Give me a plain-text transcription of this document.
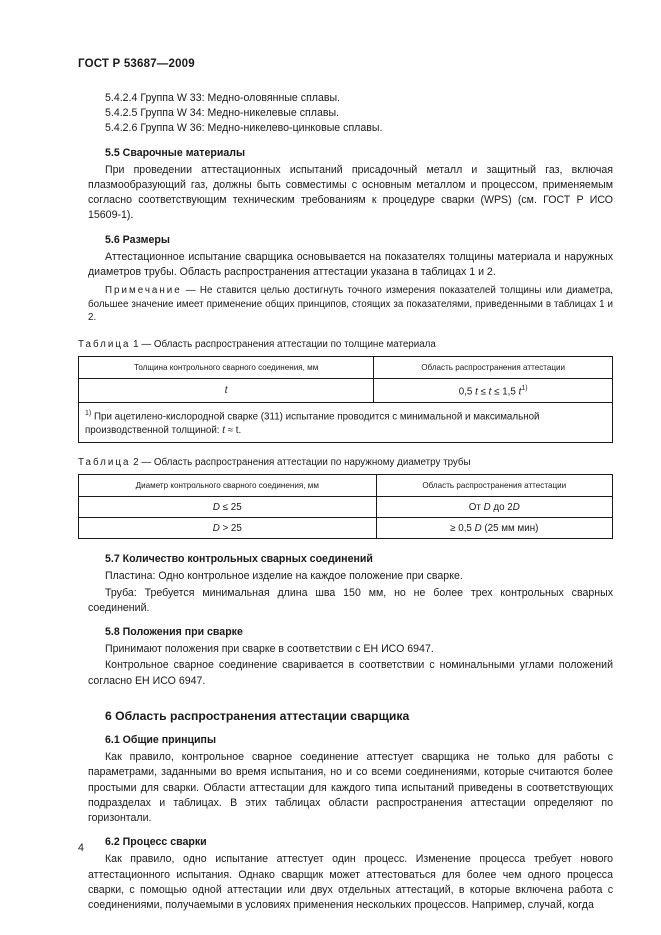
ГОСТ Р 53687—2009
5.4.2.4 Группа W 33: Медно-оловянные сплавы.
5.4.2.5 Группа W 34: Медно-никелевые сплавы.
5.4.2.6 Группа W 36: Медно-никелево-цинковые сплавы.
5.5 Сварочные материалы

При проведении аттестационных испытаний присадочный металл и защитный газ, включая плазмообразующий газ, должны быть совместимы с основным металлом и процессом, применяемым согласно соответствующим техническим требованиям к процедуре сварки (WPS) (см. ГОСТ Р ИСО 15609-1).

5.6 Размеры

Аттестационное испытание сварщика основывается на показателях толщины материала и наружных диаметров трубы. Область распространения аттестации указана в таблицах 1 и 2.

Примечание — Не ставится целью достигнуть точного измерения показателей толщины или диаметра, большее значение имеет применение общих принципов, стоящих за показателями, приведенными в таблицах 1 и 2.

Таблица 1 — Область распространения аттестации по толщине материала
Толщина контрольного сварного соединения, мм	Область распространения аттестации
t	0,5 t ≤ t ≤ 1,5 $t^{1)}$
$^{1)}$ При ацетилено-кислородной сварке (311) испытание проводится с минимальной и максимальной производственной толщиной: t ≈ t.	
Таблица 2 — Область распространения аттестации по наружному диаметру трубы
Диаметр контрольного сварного соединения, мм	Область распространения аттестации
D ≤ 25	От D до 2D
D > 25	≥ 0,5 D (25 мм мин)
5.7 Количество контрольных сварных соединений

Пластина: Одно контрольное изделие на каждое положение при сварке.

Труба: Требуется минимальная длина шва 150 мм, но не более трех контрольных сварных соединений.

5.8 Положения при сварке

Принимают положения при сварке в соответствии с ЕН ИСО 6947.

Контрольное сварное соединение сваривается в соответствии с номинальными углами положений согласно ЕН ИСО 6947.

6 Область распространения аттестации сварщика
6.1 Общие принципы

Как правило, контрольное сварное соединение аттестует сварщика не только для работы с параметрами, заданными во время испытания, но и со всеми соединениями, которые считаются более простыми для сварки. Области аттестации для каждого типа испытаний приведены в соответствующих подразделах и таблицах. В этих таблицах области распространения аттестации определяют по горизонтали.

6.2 Процесс сварки

Как правило, одно испытание аттестует один процесс. Изменение процесса требует нового аттестационного испытания. Однако сварщик может аттестоваться для более чем одного процесса сварки, с помощью одной аттестации или двух отдельных аттестаций, в которые включена работа с соединениями, получаемыми в условиях применения нескольких процессов. Например, случай, когда

4
